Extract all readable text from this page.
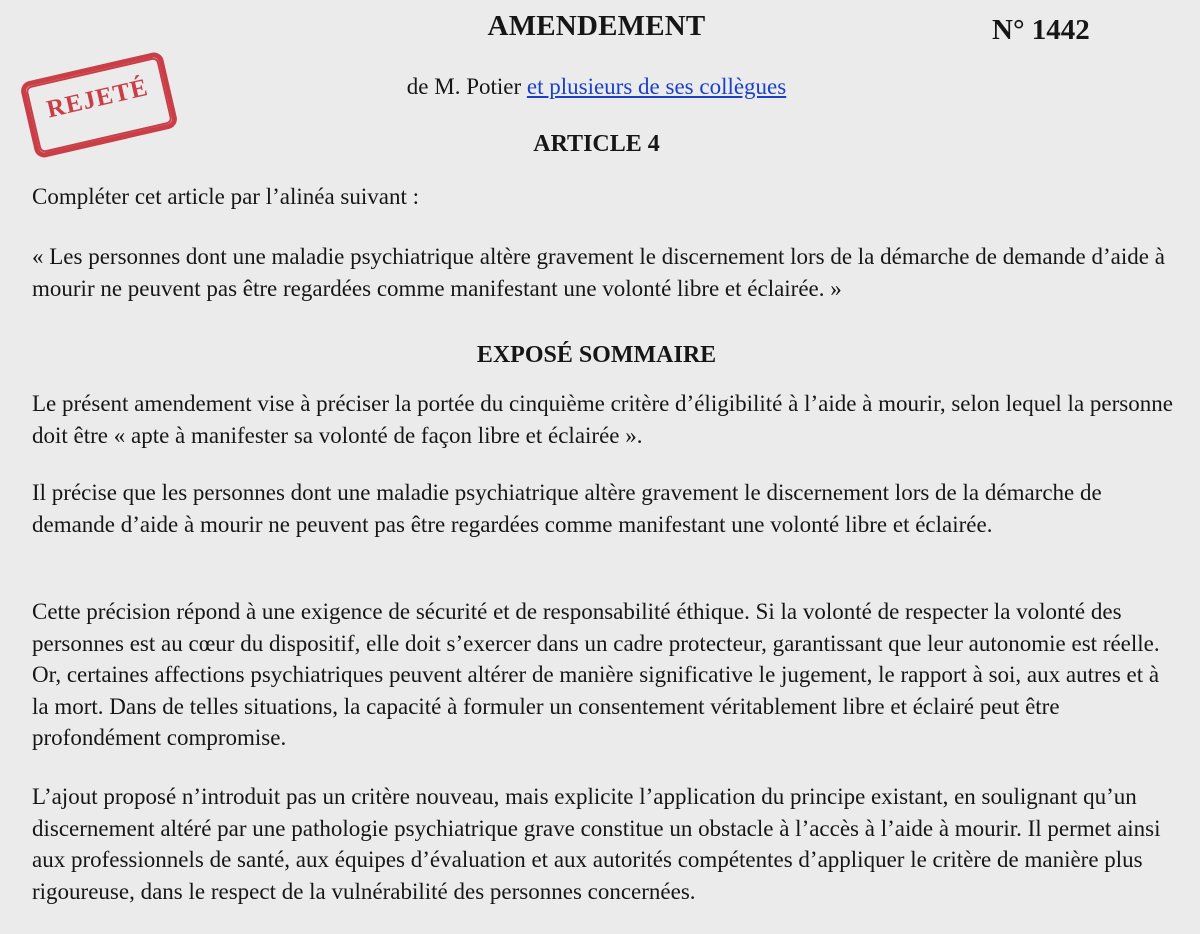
AMENDEMENT	N° 1442
REJETÉ	de M. Potier et plusieurs de ses collègues
ARTICLE 4

Compléter cet article par l’alinéa suivant :

« Les personnes dont une maladie psychiatrique altère gravement le discernement lors de la démarche de demande d’aide à mourir ne peuvent pas être regardées comme manifestant une volonté libre et éclairée. »

EXPOSÉ SOMMAIRE

Le présent amendement vise à préciser la portée du cinquième critère d’éligibilité à l’aide à mourir, selon lequel la personne doit être « apte à manifester sa volonté de façon libre et éclairée ».

Il précise que les personnes dont une maladie psychiatrique altère gravement le discernement lors de la démarche de demande d’aide à mourir ne peuvent pas être regardées comme manifestant une volonté libre et éclairée.

Cette précision répond à une exigence de sécurité et de responsabilité éthique. Si la volonté de respecter la volonté des personnes est au cœur du dispositif, elle doit s’exercer dans un cadre protecteur, garantissant que leur autonomie est réelle. Or, certaines affections psychiatriques peuvent altérer de manière significative le jugement, le rapport à soi, aux autres et à la mort. Dans de telles situations, la capacité à formuler un consentement véritablement libre et éclairé peut être profondément compromise.

L’ajout proposé n’introduit pas un critère nouveau, mais explicite l’application du principe existant, en soulignant qu’un discernement altéré par une pathologie psychiatrique grave constitue un obstacle à l’accès à l’aide à mourir. Il permet ainsi aux professionnels de santé, aux équipes d’évaluation et aux autorités compétentes d’appliquer le critère de manière plus rigoureuse, dans le respect de la vulnérabilité des personnes concernées.
